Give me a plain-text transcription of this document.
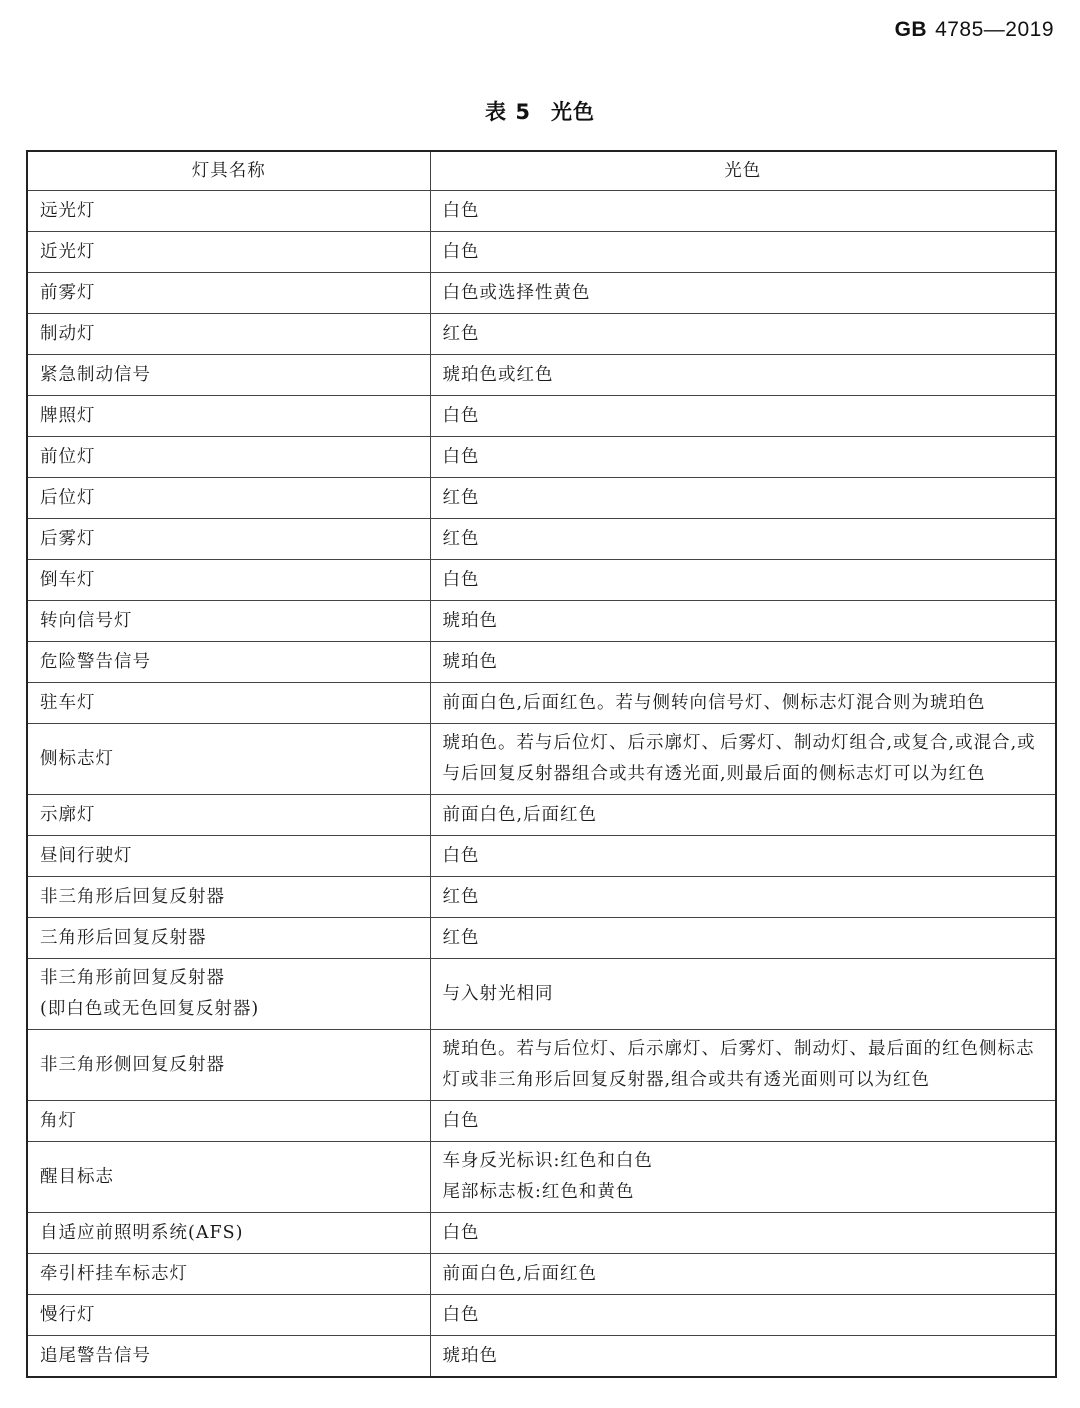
GB 4785—2019
表 5 光色
灯具名称	光色
远光灯	白色
近光灯	白色
前雾灯	白色或选择性黄色
制动灯	红色
紧急制动信号	琥珀色或红色
牌照灯	白色
前位灯	白色
后位灯	红色
后雾灯	红色
倒车灯	白色
转向信号灯	琥珀色
危险警告信号	琥珀色
驻车灯	前面白色,后面红色。若与侧转向信号灯、侧标志灯混合则为琥珀色
侧标志灯	琥珀色。若与后位灯、后示廓灯、后雾灯、制动灯组合,或复合,或混合,或与后回复反射器组合或共有透光面,则最后面的侧标志灯可以为红色
示廓灯	前面白色,后面红色
昼间行驶灯	白色
非三角形后回复反射器	红色
三角形后回复反射器	红色
非三角形前回复反射器
(即白色或无色回复反射器)	与入射光相同
非三角形侧回复反射器	琥珀色。若与后位灯、后示廓灯、后雾灯、制动灯、最后面的红色侧标志灯或非三角形后回复反射器,组合或共有透光面则可以为红色
角灯	白色
醒目标志	车身反光标识:红色和白色
尾部标志板:红色和黄色
自适应前照明系统(AFS)	白色
牵引杆挂车标志灯	前面白色,后面红色
慢行灯	白色
追尾警告信号	琥珀色
